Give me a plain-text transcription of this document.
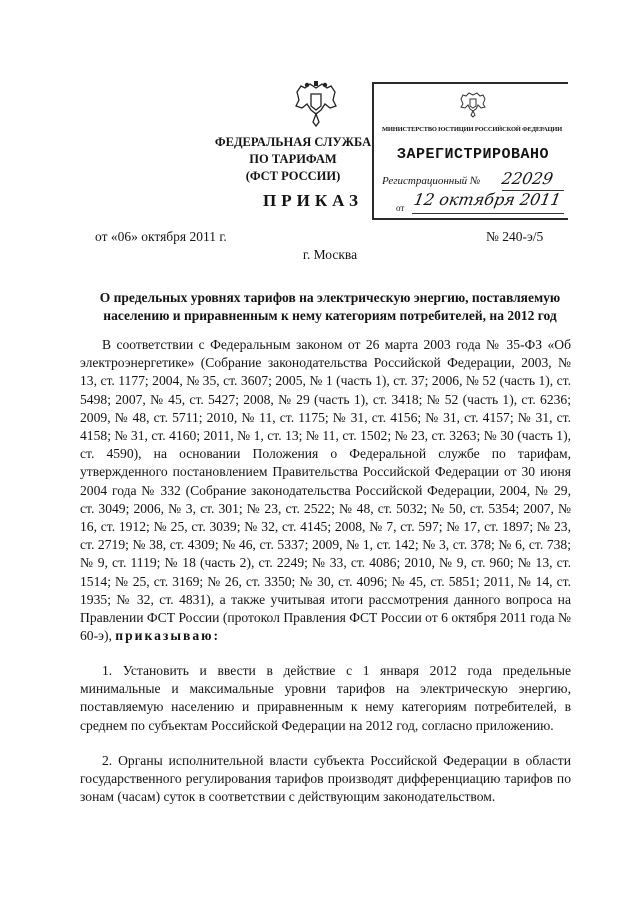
ФЕДЕРАЛЬНАЯ СЛУЖБА ПО ТАРИФАМ
(ФСТ РОССИИ)
ПРИКАЗ
от «06» октября 2011 г.	№ 240-э/5
г. Москва
МИНИСТЕРСТВО ЮСТИЦИИ РОССИЙСКОЙ ФЕДЕРАЦИИ
ЗАРЕГИСТРИРОВАНО
Регистрационный № 22029
от 12 октября 2011
О предельных уровнях тарифов на электрическую энергию, поставляемую населению и приравненным к нему категориям потребителей, на 2012 год
В соответствии с Федеральным законом от 26 марта 2003 года № 35-ФЗ «Об электроэнергетике» (Собрание законодательства Российской Федерации, 2003, № 13, ст. 1177; 2004, № 35, ст. 3607; 2005, № 1 (часть 1), ст. 37; 2006, № 52 (часть 1), ст. 5498; 2007, № 45, ст. 5427; 2008, № 29 (часть 1), ст. 3418; № 52 (часть 1), ст. 6236; 2009, № 48, ст. 5711; 2010, № 11, ст. 1175; № 31, ст. 4156; № 31, ст. 4157; № 31, ст. 4158; № 31, ст. 4160; 2011, № 1, ст. 13; № 11, ст. 1502; № 23, ст. 3263; № 30 (часть 1), ст. 4590), на основании Положения о Федеральной службе по тарифам, утвержденного постановлением Правительства Российской Федерации от 30 июня 2004 года № 332 (Собрание законодательства Российской Федерации, 2004, № 29, ст. 3049; 2006, № 3, ст. 301; № 23, ст. 2522; № 48, ст. 5032; № 50, ст. 5354; 2007, № 16, ст. 1912; № 25, ст. 3039; № 32, ст. 4145; 2008, № 7, ст. 597; № 17, ст. 1897; № 23, ст. 2719; № 38, ст. 4309; № 46, ст. 5337; 2009, № 1, ст. 142; № 3, ст. 378; № 6, ст. 738; № 9, ст. 1119; № 18 (часть 2), ст. 2249; № 33, ст. 4086; 2010, № 9, ст. 960; № 13, ст. 1514; № 25, ст. 3169; № 26, ст. 3350; № 30, ст. 4096; № 45, ст. 5851; 2011, № 14, ст. 1935; № 32, ст. 4831), а также учитывая итоги рассмотрения данного вопроса на Правлении ФСТ России (протокол Правления ФСТ России от 6 октября 2011 года № 60-э), приказываю:
1. Установить и ввести в действие с 1 января 2012 года предельные минимальные и максимальные уровни тарифов на электрическую энергию, поставляемую населению и приравненным к нему категориям потребителей, в среднем по субъектам Российской Федерации на 2012 год, согласно приложению.
2. Органы исполнительной власти субъекта Российской Федерации в области государственного регулирования тарифов производят дифференциацию тарифов по зонам (часам) суток в соответствии с действующим законодательством.
